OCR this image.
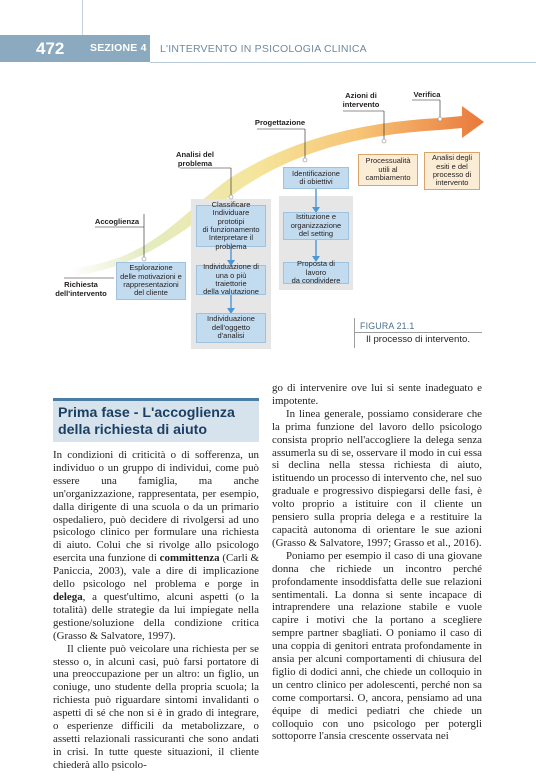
472 SEZIONE 4 L'INTERVENTO IN PSICOLOGIA CLINICA
Richiesta
dell'intervento
Accoglienza
Analisi del
problema
Progettazione
Azioni di
intervento
Verifica
Esplorazione
delle motivazioni e
rappresentazioni
del cliente
Classificare
Individuare prototipi
di funzionamento
Interpretare il
problema
Individuazione di
una o più traiettorie
della valutazione
Individuazione
dell'oggetto
d'analisi
Identificazione
di obiettivi
Istituzione e
organizzazione
del setting
Proposta di lavoro
da condividere
Processualità
utili al
cambiamento
Analisi degli
esiti e del
processo di
intervento
FIGURA 21.1
Il processo di intervento.
Prima fase - L'accoglienza
della richiesta di aiuto

In condizioni di criticità o di sofferenza, un individuo o un gruppo di individui, come può essere una famiglia, ma anche un'organizzazione, rappresentata, per esempio, dalla dirigente di una scuola o da un primario ospedaliero, può decidere di rivolgersi ad uno psicologo clinico per formulare una richiesta di aiuto. Colui che si rivolge allo psicologo esercita una funzione di committenza (Carli & Paniccia, 2003), vale a dire di implicazione dello psicologo nel problema e porge in delega, a quest'ultimo, alcuni aspetti (o la totalità) delle strategie da lui impiegate nella gestione/soluzione della condizione critica (Grasso & Salvatore, 1997).

Il cliente può veicolare una richiesta per se stesso o, in alcuni casi, può farsi portatore di una preoccupazione per un altro: un figlio, un coniuge, uno studente della propria scuola; la richiesta può riguardare sintomi invalidanti o aspetti di sé che non si è in grado di integrare, o esperienze difficili da metabolizzare, o assetti relazionali rassicuranti che sono andati in crisi. In tutte queste situazioni, il cliente chiederà allo psicolo-

go di intervenire ove lui si sente inadeguato e impotente.

In linea generale, possiamo considerare che la prima funzione del lavoro dello psicologo consista proprio nell'accogliere la delega senza assumerla su di se, osservare il modo in cui essa si declina nella stessa richiesta di aiuto, istituendo un processo di intervento che, nel suo graduale e progressivo dispiegarsi delle fasi, è volto proprio a istituire con il cliente un pensiero sulla propria delega e a restituire la capacità autonoma di orientare le sue azioni (Grasso & Salvatore, 1997; Grasso et al., 2016).

Poniamo per esempio il caso di una giovane donna che richiede un incontro perché profondamente insoddisfatta delle sue relazioni sentimentali. La donna si sente incapace di intraprendere una relazione stabile e vuole capire i motivi che la portano a scegliere sempre partner sbagliati. O poniamo il caso di una coppia di genitori entrata profondamente in ansia per alcuni comportamenti di chiusura del figlio di dodici anni, che chiede un colloquio in un centro clinico per adolescenti, perché non sa come comportarsi. O, ancora, pensiamo ad una équipe di medici pediatri che chiede un colloquio con uno psicologo per potergli sottoporre l'ansia crescente osservata nei
